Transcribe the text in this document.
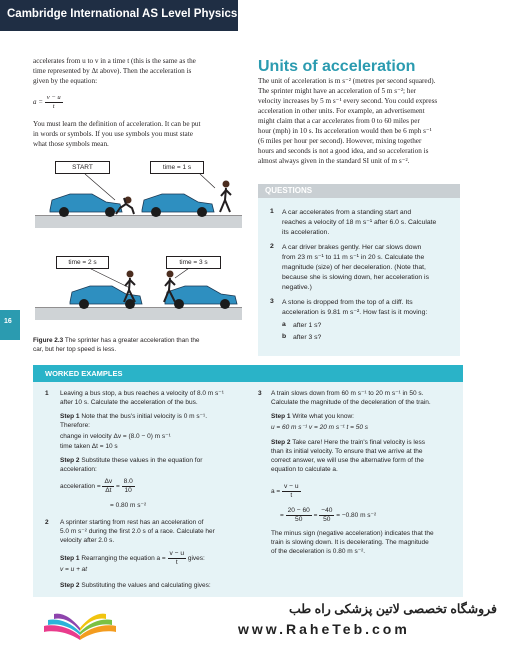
Cambridge International AS Level Physics
accelerates from u to v in a time t (this is the same as the
time represented by Δt above). Then the acceleration is
given by the equation:
$a = \frac{v - u}{t}$
You must learn the definition of acceleration. It can be put
in words or symbols. If you use symbols you must state
what those symbols mean.
START	time = 1 s
time = 2 s	time = 3 s
Figure 2.3 The sprinter has a greater acceleration than the
car, but her top speed is less.
Units of acceleration
The unit of acceleration is m s⁻² (metres per second squared).
The sprinter might have an acceleration of 5 m s⁻²; her
velocity increases by 5 m s⁻¹ every second. You could express
acceleration in other units. For example, an advertisement
might claim that a car accelerates from 0 to 60 miles per
hour (mph) in 10 s. Its acceleration would then be 6 mph s⁻¹
(6 miles per hour per second). However, mixing together
hours and seconds is not a good idea, and so acceleration is
almost always given in the standard SI unit of m s⁻².
QUESTIONS
1 A car accelerates from a standing start and
reaches a velocity of 18 m s⁻¹ after 6.0 s. Calculate
its acceleration.
2 A car driver brakes gently. Her car slows down
from 23 m s⁻¹ to 11 m s⁻¹ in 20 s. Calculate the
magnitude (size) of her deceleration. (Note that,
because she is slowing down, her acceleration is
negative.)
3 A stone is dropped from the top of a cliff. Its
acceleration is 9.81 m s⁻². How fast is it moving:
a after 1 s?
b after 3 s?
16
WORKED EXAMPLES
1 Leaving a bus stop, a bus reaches a velocity of 8.0 m s⁻¹
after 10 s. Calculate the acceleration of the bus.
Step 1 Note that the bus's initial velocity is 0 m s⁻¹.
Therefore:
change in velocity Δv = (8.0 − 0) m s⁻¹
time taken Δt = 10 s
Step 2 Substitute these values in the equation for
acceleration:
acceleration = $\frac{\Delta v}{\Delta t} = \frac{8.0}{10}$
= 0.80 m s⁻²
2 A sprinter starting from rest has an acceleration of
5.0 m s⁻² during the first 2.0 s of a race. Calculate her
velocity after 2.0 s.
Step 1 Rearranging the equation $a = \frac{v - u}{t}$ gives:
v = u + at
Step 2 Substituting the values and calculating gives:
3 A train slows down from 60 m s⁻¹ to 20 m s⁻¹ in 50 s.
Calculate the magnitude of the deceleration of the train.
Step 1 Write what you know:
u = 60 m s⁻¹ v = 20 m s⁻¹ t = 50 s
Step 2 Take care! Here the train's final velocity is less
than its initial velocity. To ensure that we arrive at the
correct answer, we will use the alternative form of the
equation to calculate a.
$a = \frac{v - u}{t}$
= $\frac{20 - 60}{50} = \frac{-40}{50} = -0.80$ m s⁻²
The minus sign (negative acceleration) indicates that the
train is slowing down. It is decelerating. The magnitude
of the deceleration is 0.80 m s⁻².
فروشگاه تخصصی لاتین پزشکی راه طب
www.RaheTeb.com
